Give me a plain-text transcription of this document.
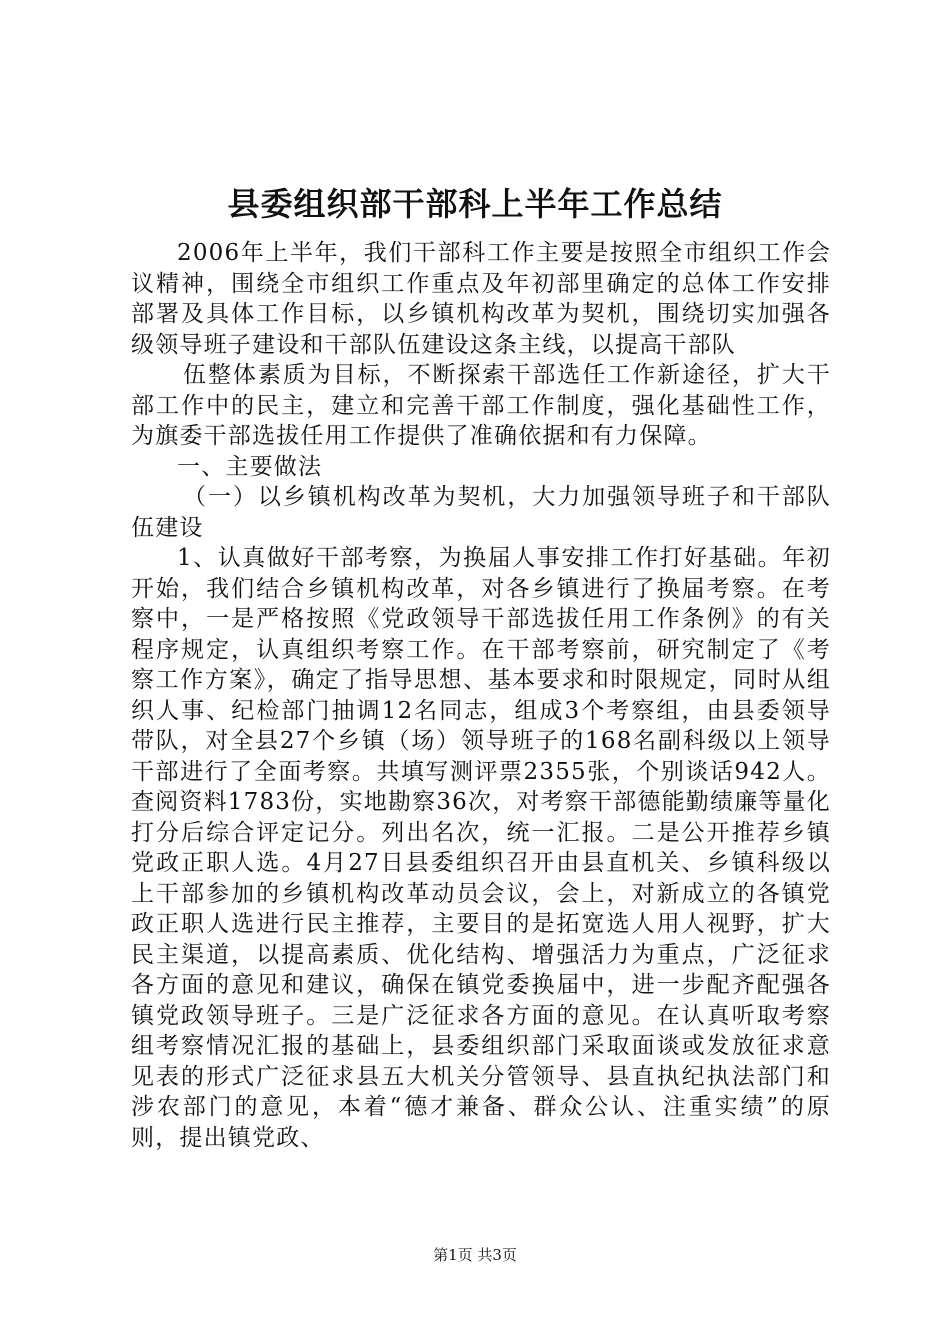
县委组织部干部科上半年工作总结

2006年上半年，我们干部科工作主要是按照全市组织工作会议精神，围绕全市组织工作重点及年初部里确定的总体工作安排部署及具体工作目标，以乡镇机构改革为契机，围绕切实加强各级领导班子建设和干部队伍建设这条主线，以提高干部队

伍整体素质为目标，不断探索干部选任工作新途径，扩大干部工作中的民主，建立和完善干部工作制度，强化基础性工作，为旗委干部选拔任用工作提供了准确依据和有力保障。

一、主要做法

（一）以乡镇机构改革为契机，大力加强领导班子和干部队伍建设

1、认真做好干部考察，为换届人事安排工作打好基础。年初开始，我们结合乡镇机构改革，对各乡镇进行了换届考察。在考察中，一是严格按照《党政领导干部选拔任用工作条例》的有关程序规定，认真组织考察工作。在干部考察前，研究制定了《考察工作方案》，确定了指导思想、基本要求和时限规定，同时从组织人事、纪检部门抽调12名同志，组成3个考察组，由县委领导带队，对全县27个乡镇（场）领导班子的168名副科级以上领导干部进行了全面考察。共填写测评票2355张，个别谈话942人。查阅资料1783份，实地勘察36次，对考察干部德能勤绩廉等量化打分后综合评定记分。列出名次，统一汇报。二是公开推荐乡镇党政正职人选。4月27日县委组织召开由县直机关、乡镇科级以上干部参加的乡镇机构改革动员会议，会上，对新成立的各镇党政正职人选进行民主推荐，主要目的是拓宽选人用人视野，扩大民主渠道，以提高素质、优化结构、增强活力为重点，广泛征求各方面的意见和建议，确保在镇党委换届中，进一步配齐配强各镇党政领导班子。三是广泛征求各方面的意见。在认真听取考察组考察情况汇报的基础上，县委组织部门采取面谈或发放征求意见表的形式广泛征求县五大机关分管领导、县直执纪执法部门和涉农部门的意见，本着“德才兼备、群众公认、注重实绩”的原则，提出镇党政、

第1页 共3页
